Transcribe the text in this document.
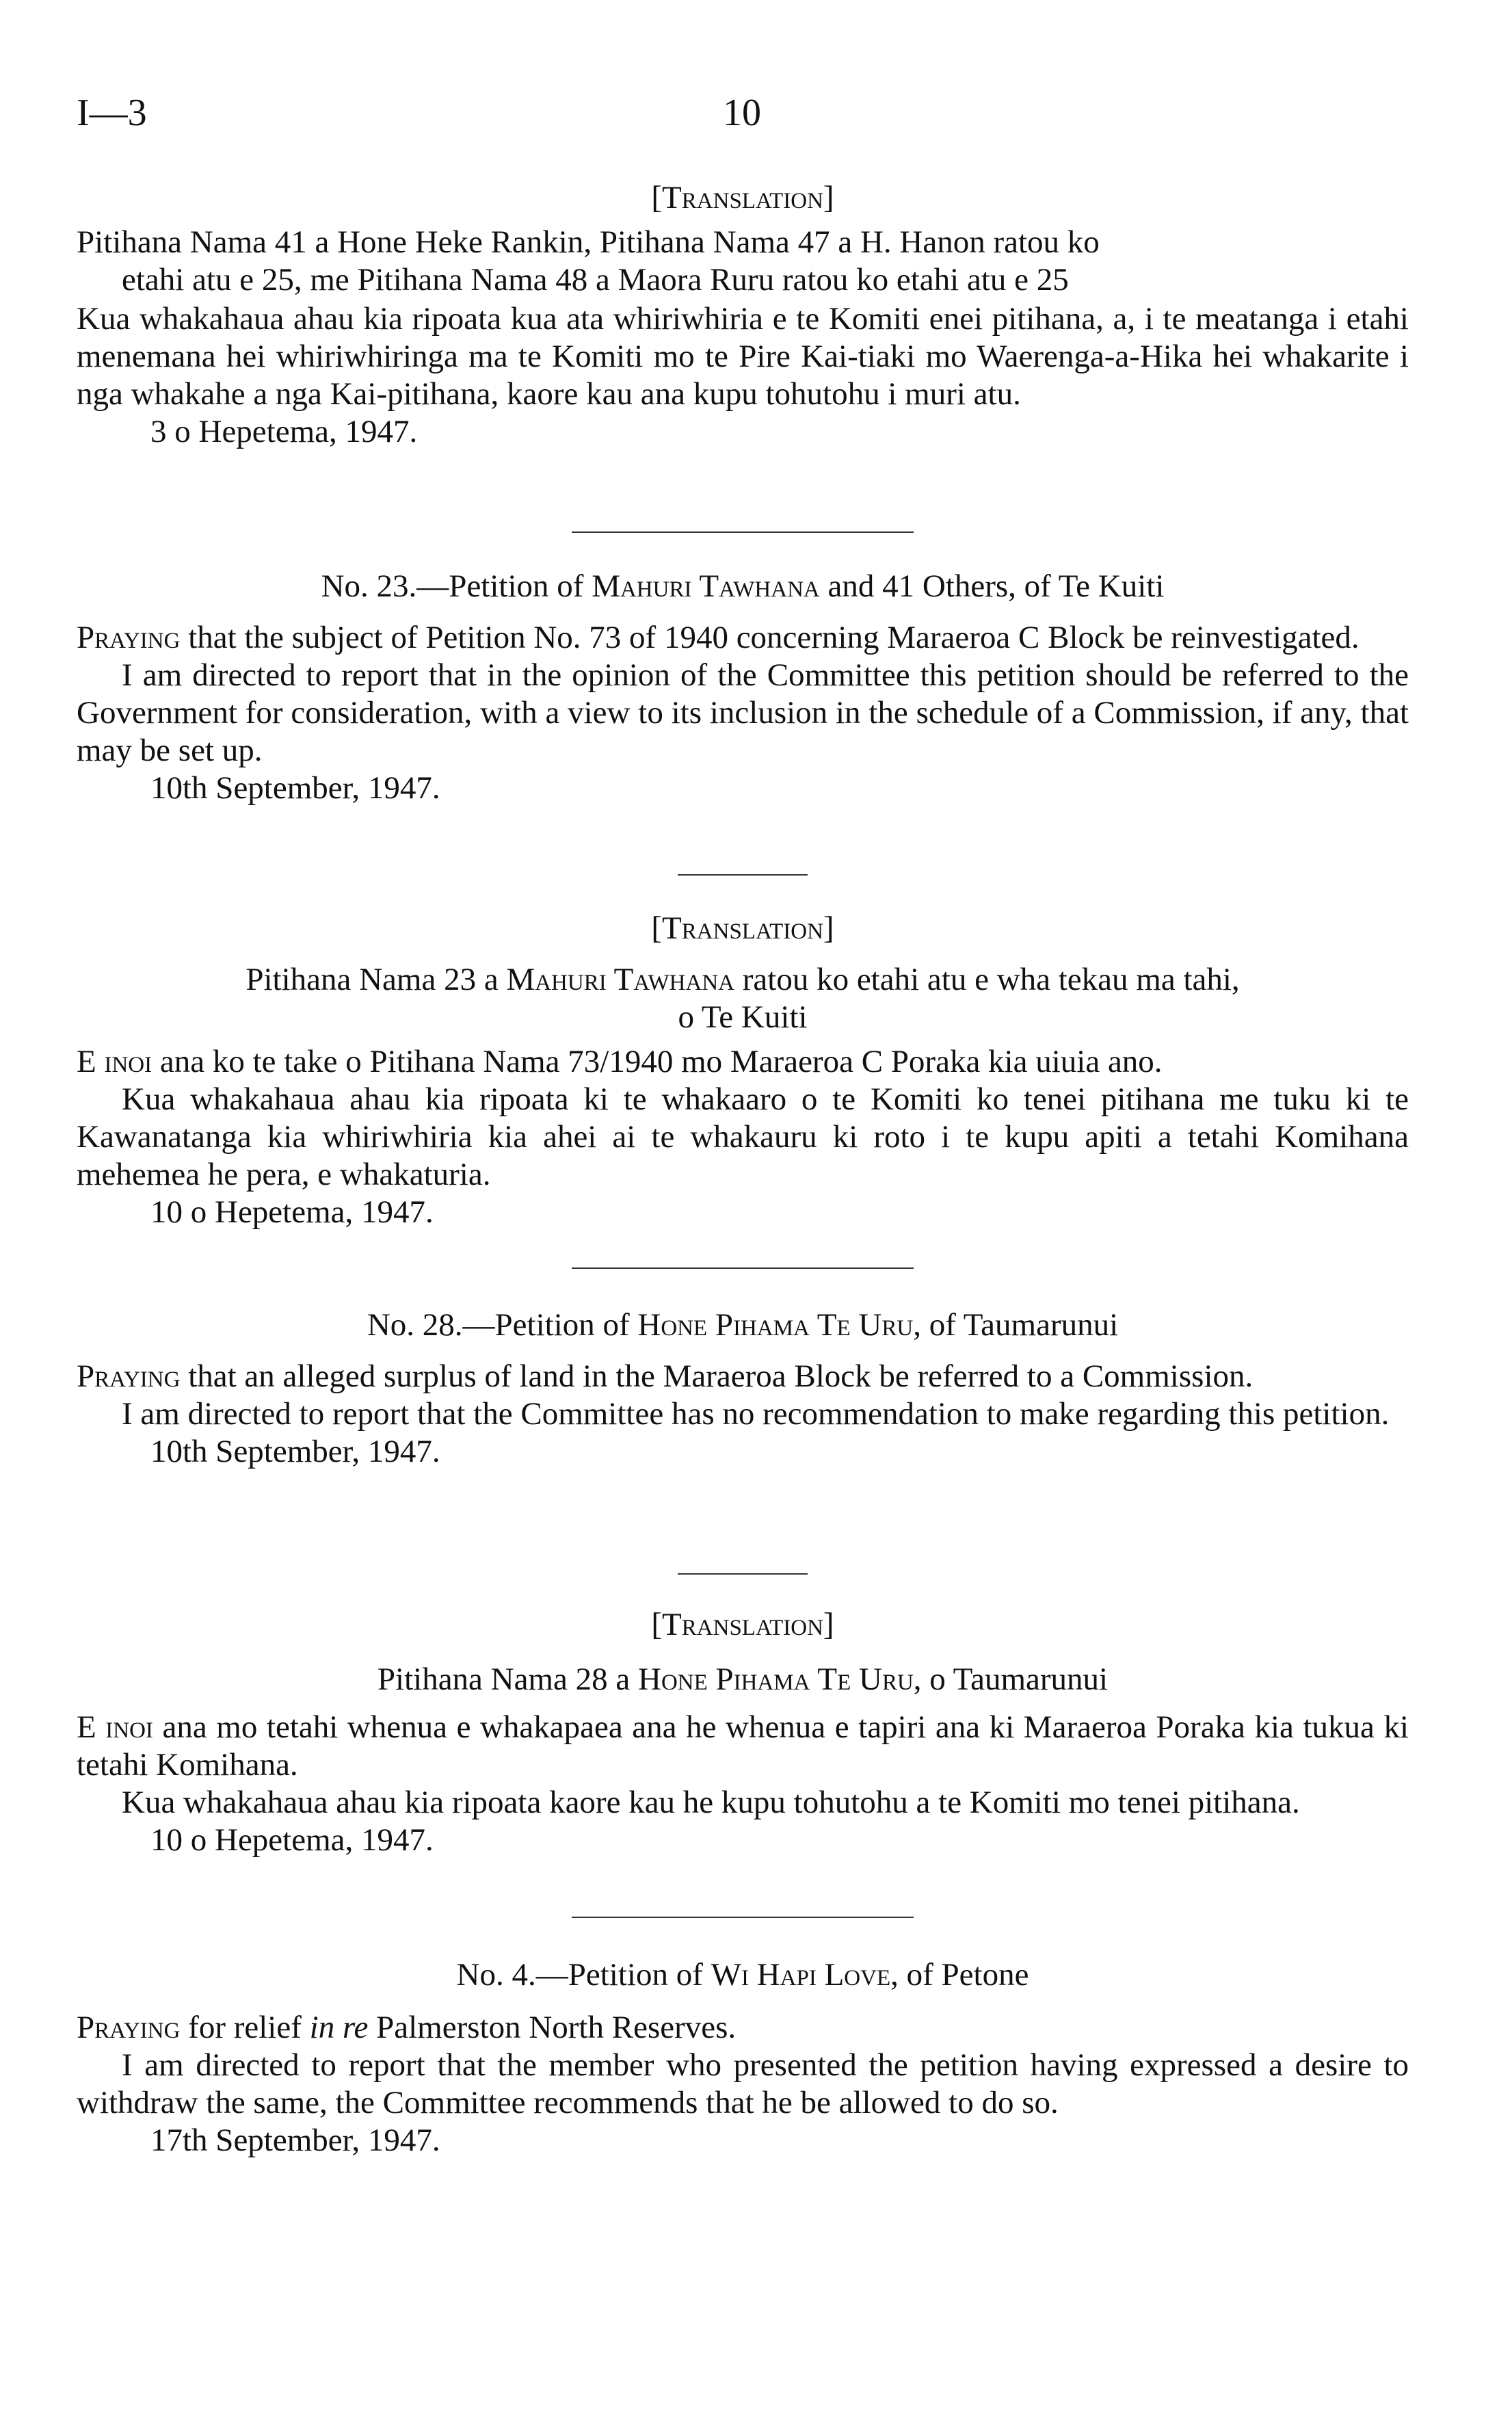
I—3	10

[Translation]

Pitihana Nama 41 a Hone Heke Rankin, Pitihana Nama 47 a H. Hanon ratou ko

etahi atu e 25, me Pitihana Nama 48 a Maora Ruru ratou ko etahi atu e 25

Kua whakahaua ahau kia ripoata kua ata whiriwhiria e te Komiti enei pitihana, a, i te meatanga i etahi menemana hei whiriwhiringa ma te Komiti mo te Pire Kai-tiaki mo Waerenga-a-Hika hei whakarite i nga whakahe a nga Kai-pitihana, kaore kau ana kupu tohutohu i muri atu.

3 o Hepetema, 1947.

No. 23.—Petition of Mahuri Tawhana and 41 Others, of Te Kuiti

Praying that the subject of Petition No. 73 of 1940 concerning Maraeroa C Block be reinvestigated.

I am directed to report that in the opinion of the Committee this petition should be referred to the Government for consideration, with a view to its inclusion in the schedule of a Commission, if any, that may be set up.

10th September, 1947.

[Translation]

Pitihana Nama 23 a Mahuri Tawhana ratou ko etahi atu e wha tekau ma tahi,

o Te Kuiti

E inoi ana ko te take o Pitihana Nama 73/1940 mo Maraeroa C Poraka kia uiuia ano.

Kua whakahaua ahau kia ripoata ki te whakaaro o te Komiti ko tenei pitihana me tuku ki te Kawanatanga kia whiriwhiria kia ahei ai te whakauru ki roto i te kupu apiti a tetahi Komihana mehemea he pera, e whakaturia.

10 o Hepetema, 1947.

No. 28.—Petition of Hone Pihama Te Uru, of Taumarunui

Praying that an alleged surplus of land in the Maraeroa Block be referred to a Commission.

I am directed to report that the Committee has no recommendation to make regarding this petition.

10th September, 1947.

[Translation]

Pitihana Nama 28 a Hone Pihama Te Uru, o Taumarunui

E inoi ana mo tetahi whenua e whakapaea ana he whenua e tapiri ana ki Maraeroa Poraka kia tukua ki tetahi Komihana.

Kua whakahaua ahau kia ripoata kaore kau he kupu tohutohu a te Komiti mo tenei pitihana.

10 o Hepetema, 1947.

No. 4.—Petition of Wi Hapi Love, of Petone

Praying for relief in re Palmerston North Reserves.

I am directed to report that the member who presented the petition having expressed a desire to withdraw the same, the Committee recommends that he be allowed to do so.

17th September, 1947.
